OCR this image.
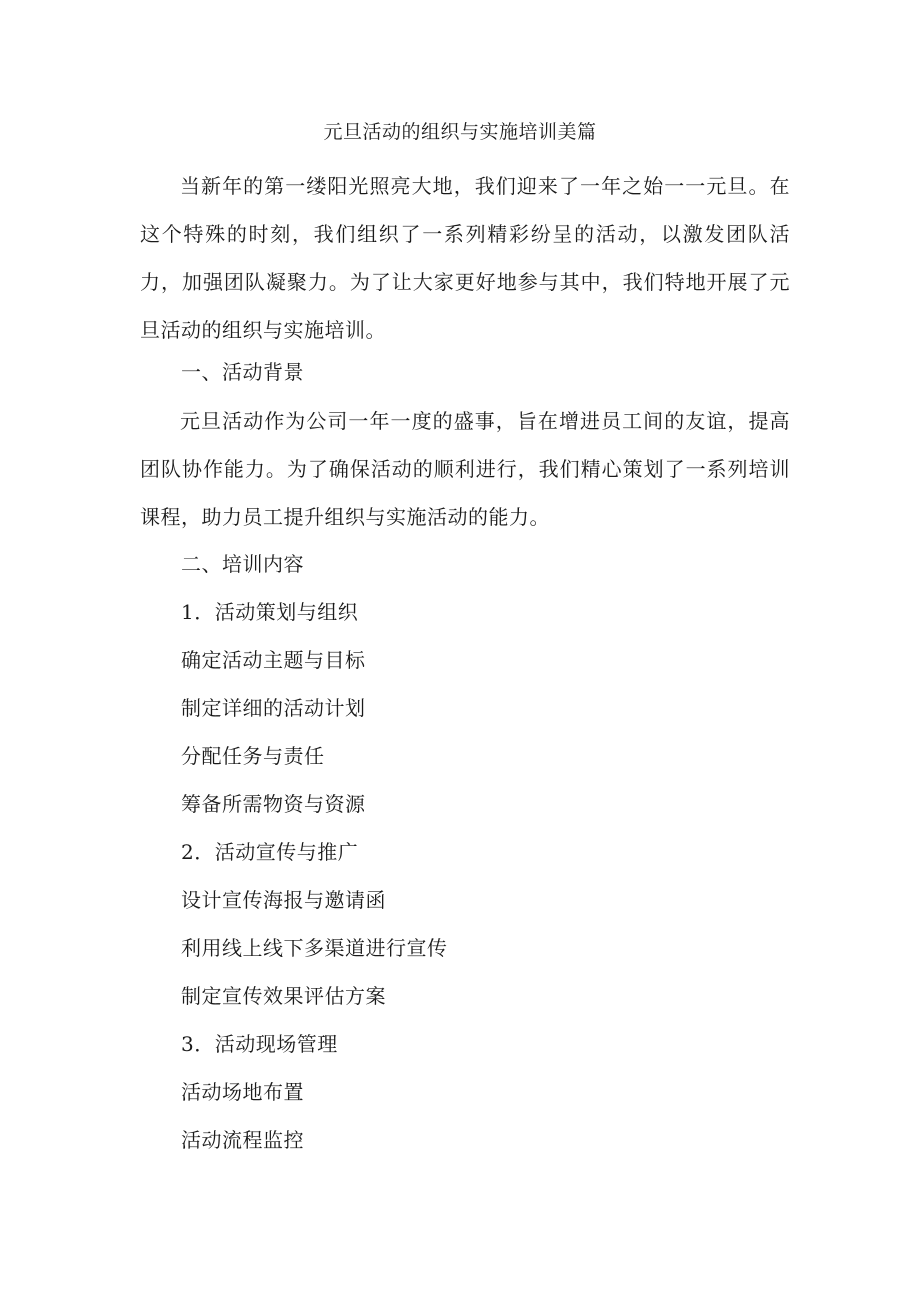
元旦活动的组织与实施培训美篇
当新年的第一缕阳光照亮大地，我们迎来了一年之始一一元旦。在这个特殊的时刻，我们组织了一系列精彩纷呈的活动，以激发团队活力，加强团队凝聚力。为了让大家更好地参与其中，我们特地开展了元旦活动的组织与实施培训。
一、活动背景
元旦活动作为公司一年一度的盛事，旨在增进员工间的友谊，提高团队协作能力。为了确保活动的顺利进行，我们精心策划了一系列培训课程，助力员工提升组织与实施活动的能力。
二、培训内容
1．活动策划与组织
确定活动主题与目标
制定详细的活动计划
分配任务与责任
筹备所需物资与资源
2．活动宣传与推广
设计宣传海报与邀请函
利用线上线下多渠道进行宣传
制定宣传效果评估方案
3．活动现场管理
活动场地布置
活动流程监控
